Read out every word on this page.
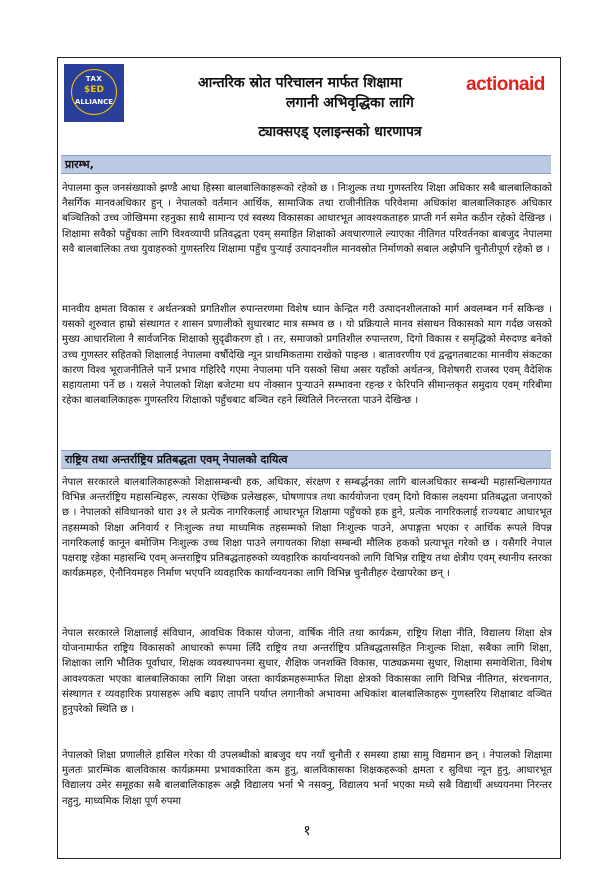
TAX
$ED
ALLIANCE
आन्तरिक स्रोत परिचालन मार्फत शिक्षामा
लगानी अभिवृद्धिका लागि
ट्याक्सएड् एलाइन्सको धारणापत्र
actionaid
प्रारम्भ,
नेपालमा कुल जनसंख्याको झण्डै आधा हिस्सा बालबालिकाहरूको रहेको छ । निःशुल्क तथा गुणस्तरिय शिक्षा अधिकार सबै बालबालिकाको नैसर्गिक मानवअधिकार हुन् । नेपालको वर्तमान आर्थिक, सामाजिक तथा राजीनीतिक परिवेशमा अधिकांश बालबालिकाहरु अधिकार बञ्चितिको उच्च जोखिममा रहनुका साथै सामान्य एवं स्वस्थ्य विकासका आधारभूत आवश्यकताहरु प्राप्ती गर्न समेत कठीन रहेको देखिन्छ । शिक्षामा सवैको पहुँचका लागि विश्वव्यापी प्रतिवद्धता एवम् समाहित शिक्षाको अवधारणाले ल्याएका नीतिगत परिवर्तनका बाबजुद नेपालमा सवै बालबालिका तथा युवाहरुको गुणस्तरिय शिक्षामा पहुँच पुऱ्याई उत्पादनशील मानवस्रोत निर्माणको सबाल अझैपनि चुनौतीपूर्ण रहेको छ ।
मानवीय क्षमता विकास र अर्थतन्त्रको प्रगतिशील रुपान्तरणमा विशेष ध्यान केन्द्रित गरी उत्पादनशीलताको मार्ग अवलम्बन गर्न सकिन्छ । यसको शुरुवात हाम्रो संस्थागत र शासन प्रणालीको सुधारबाट मात्र सम्भव छ । यो प्रक्रियाले मानव संसाधन विकासको माग गर्दछ जसको मुख्य आधारशिला नै सार्वजनिक शिक्षाको सुदृढीकरण हो । तर, समाजको प्रगतिशील रुपान्तरण, दिगो विकास र समृद्धिको मेरुदण्ड बनेको उच्च गुणस्तर सहितको शिक्षालाई नेपालमा वर्षौदेखि न्यून प्राथमिकतामा राखेको पाइन्छ । बातावरणीय एवं द्वन्द्वगतबाटका मानवीय संकटका कारण विश्व भूराजनीतिले पार्ने प्रभाव गहिरिदै गएमा नेपालमा पनि यसको सिधा असर यहाँको अर्थतन्त्र, विशेषगरी राजस्व एवम् वैदेशिक सहायतामा पर्ने छ । यसले नेपालको शिक्षा बजेटमा थप नोक्सान पुऱ्याउने सम्भावना रहन्छ र फेरिपनि सीमान्तकृत समुदाय एवम् गरिबीमा रहेका बालबालिकाहरू गुणस्तरिय शिक्षाको पहुँचबाट बञ्चित रहने स्थितिले निरन्तरता पाउने देखिन्छ ।
राष्ट्रिय तथा अन्तर्राष्ट्रिय प्रतिबद्धता एवम् नेपालको दायित्व
नेपाल सरकारले बालबालिकाहरूको शिक्षासम्बन्धी हक, अधिकार, संरक्षण र सम्बर्द्धनका लागि बालअधिकार सम्बन्धी महासन्धिलगायत विभिन्न अन्तर्राष्ट्रिय महासन्धिहरू, त्यसका ऐच्छिक प्रलेखहरू, घोषणापत्र तथा कार्ययोजना एवम् दिगो विकास लक्ष्यमा प्रतिबद्धता जनाएको छ । नेपालको संविधानको धारा ३१ ले प्रत्येक नागरिकलाई आधारभूत शिक्षामा पहुँचको हक हुने, प्रत्येक नागरिकलाई राज्यबाट आधारभूत तहसम्मको शिक्षा अनिवार्य र निःशुल्क तथा माध्यमिक तहसम्मको शिक्षा निःशुल्क पाउने, अपाङ्गता भएका र आर्थिक रूपले विपन्न नागरिकलाई कानून बमोजिम निःशुल्क उच्च शिक्षा पाउने लगायतका शिक्षा सम्बन्धी मौलिक हकको प्रत्याभूत गरेको छ । यसैगरि नेपाल पक्षराष्ट्र रहेका महासन्धि एवम् अन्तराष्ट्रिय प्रतिबद्धताहरुको व्यवहारिक कार्यान्वयनको लागि विभिन्न राष्ट्रिय तथा क्षेत्रीय एवम् स्थानीय स्तरका कार्यक्रमहरु, ऐनौनियमहरु निर्माण भएपनि व्यवहारिक कार्यान्वयनका लागि विभिन्न चुनौतीहरु देखापरेका छन् ।
नेपाल सरकारले शिक्षालाई संविधान, आवधिक विकास योजना, वार्षिक नीति तथा कार्यक्रम, राष्ट्रिय शिक्षा नीति, विद्यालय शिक्षा क्षेत्र योजनामार्फत राष्ट्रिय विकासको आधारको रूपमा लिँदै राष्ट्रिय तथा अन्तर्राष्ट्रिय प्रतिबद्धतासहित निःशुल्क शिक्षा, सबैका लागि शिक्षा, शिक्षाका लागि भौतिक पूर्वाधार, शिक्षक व्यवस्थापनमा सुधार, शैक्षिक जनशक्ति विकास, पाठ्यक्रममा सुधार, शिक्षामा समावेशिता, विशेष आवश्यकता भएका बालबालिकाका लागि शिक्षा जस्ता कार्यक्रमहरूमार्फत शिक्षा क्षेत्रको विकासका लागि विभिन्न नीतिगत, संरचनागत, संस्थागत र व्यवहारिक प्रयासहरू अघि बढाए तापनि पर्याप्त लगानीको अभावमा अधिकांश बालबालिकाहरू गुणस्तरिय शिक्षाबाट वञ्चित हुनुपरेको स्थिति छ ।
नेपालको शिक्षा प्रणालीले हासिल गरेका यी उपलब्धीको बाबजुद थप नयाँ चुनौती र समस्या हाम्रा सामु विद्यमान छन् । नेपालको शिक्षामा मुलतः प्रारम्भिक बालविकास कार्यक्रममा प्रभावकारिता कम हुनु, बालविकासका शिक्षकहरूको क्षमता र सुविधा न्यून हुनु, आधारभूत विद्यालय उमेर समूहका सबै बालबालिकाहरू अझै विद्यालय भर्ना भै नसक्नु, विद्यालय भर्ना भएका मध्ये सबै विद्यार्थी अध्ययनमा निरन्तर नहुनु, माध्यमिक शिक्षा पूर्ण रुपमा
१
